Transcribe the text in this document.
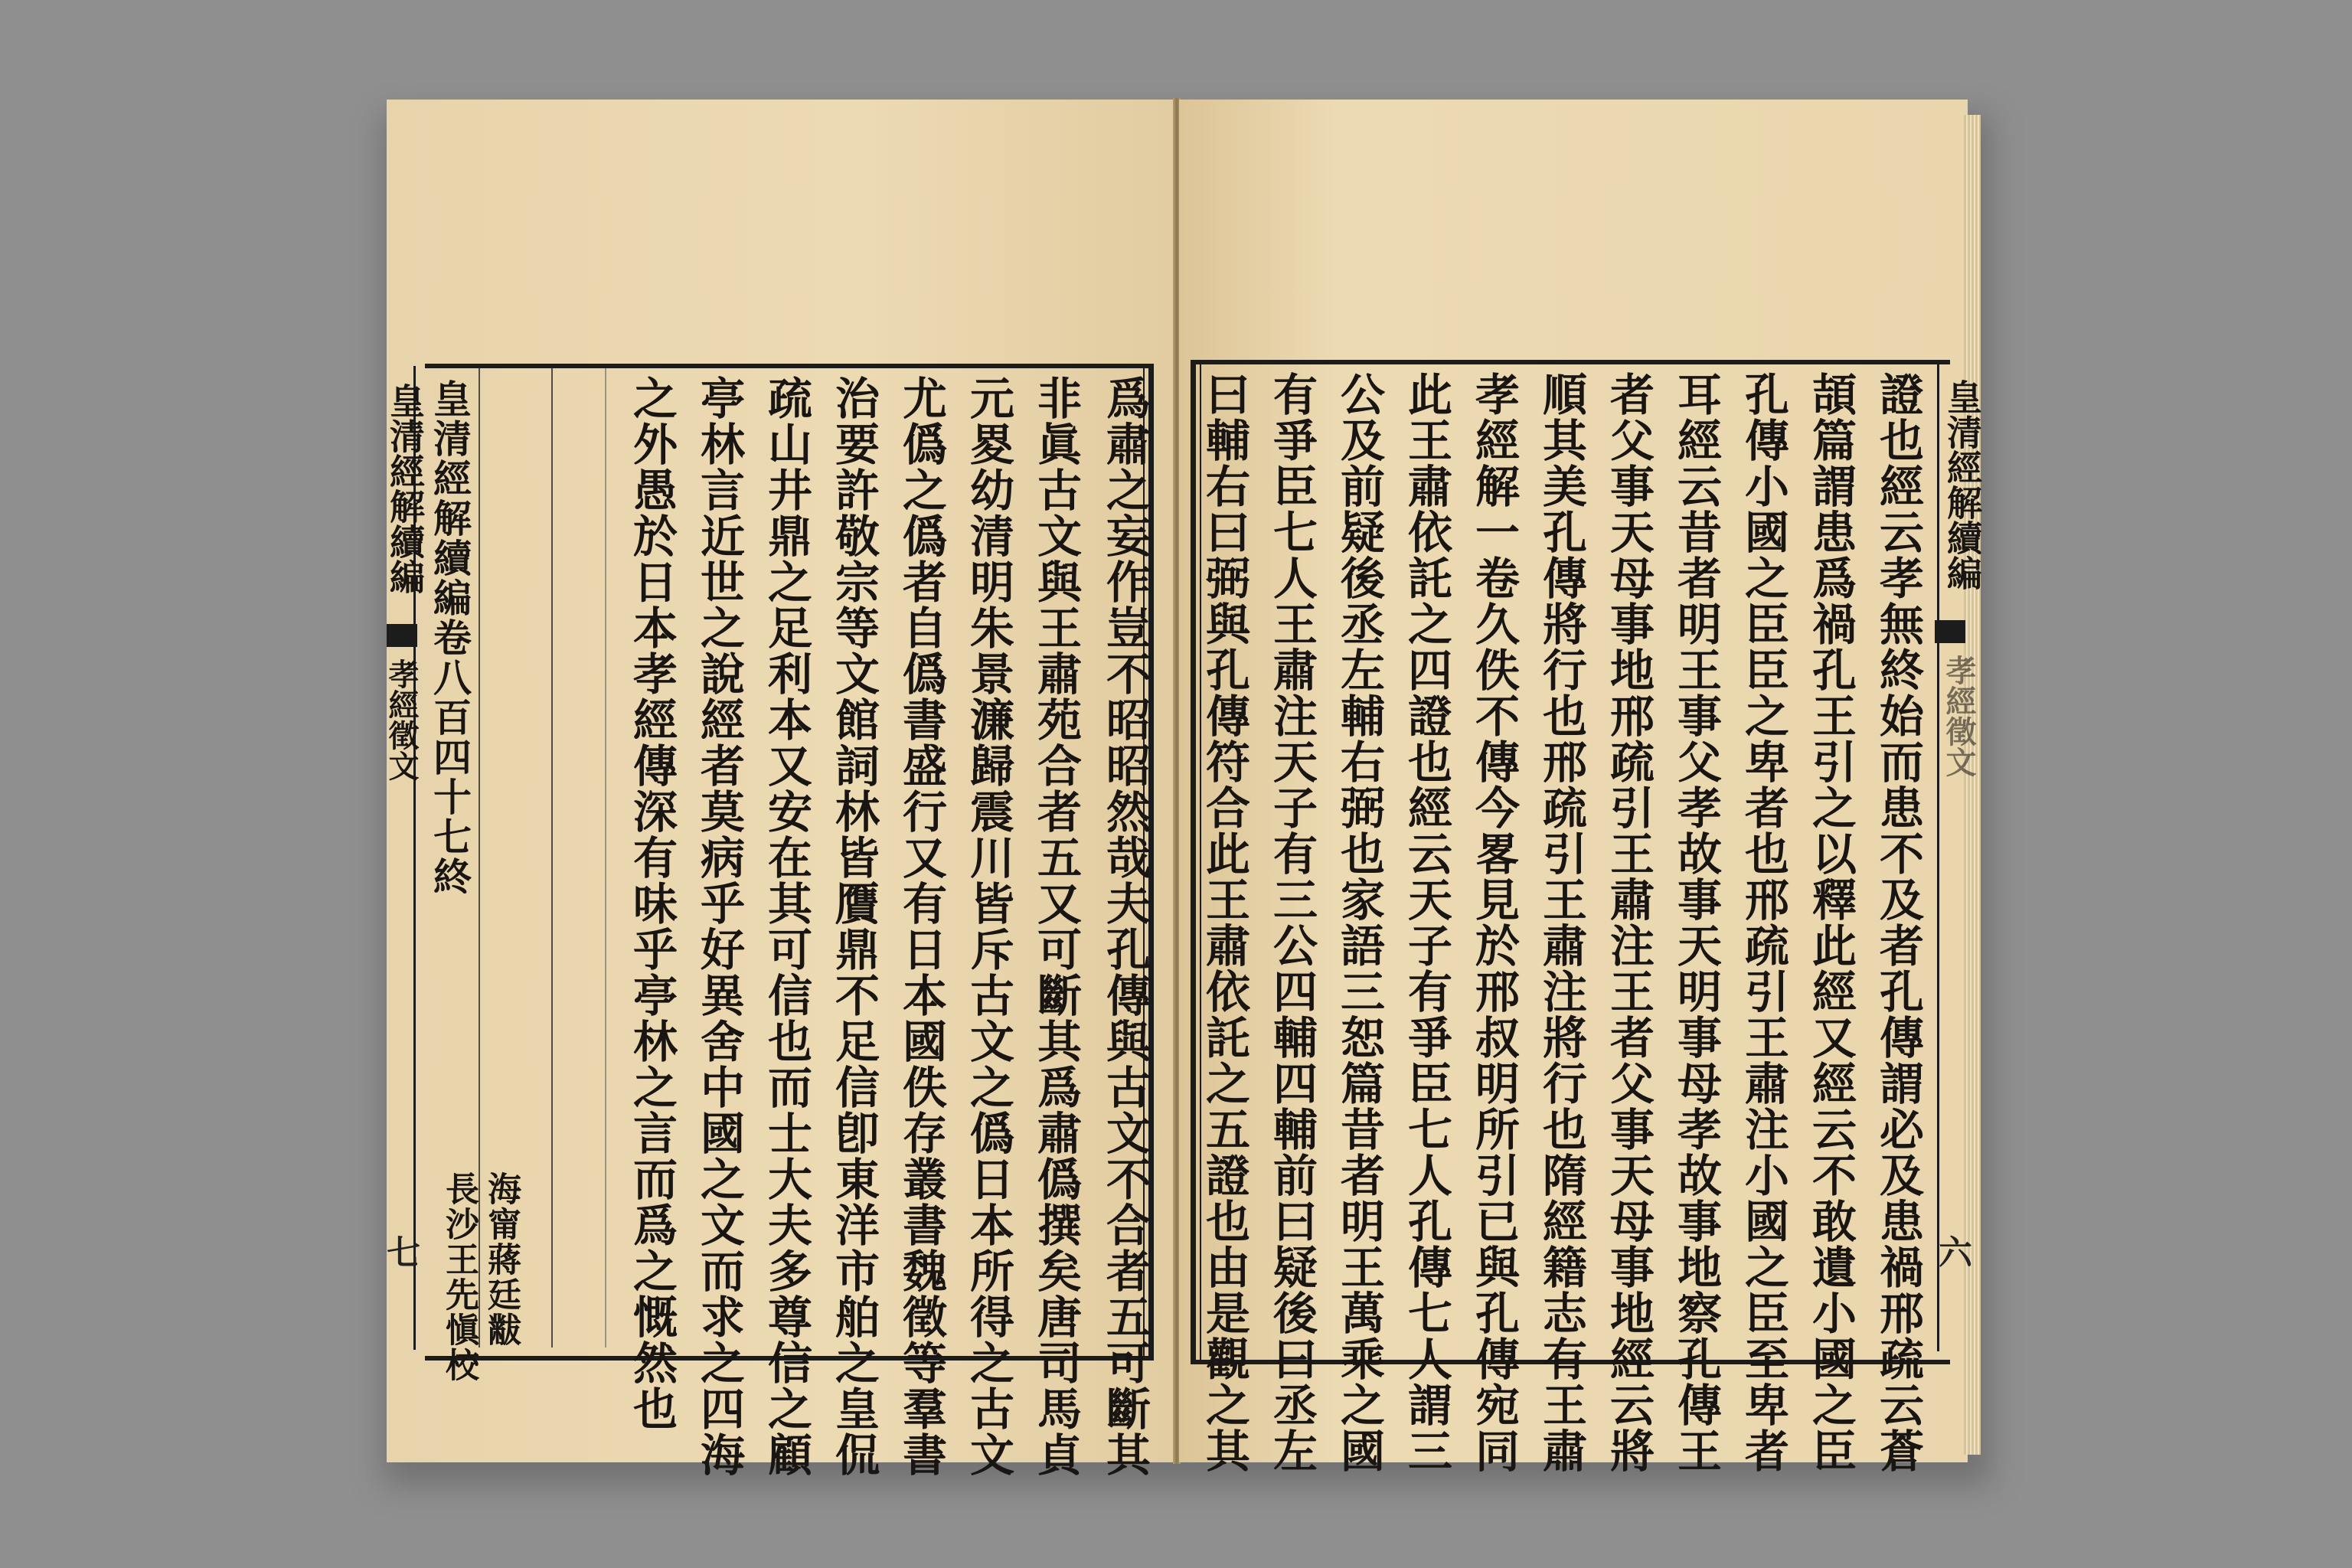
皇清經解續編
孝經徵文
七
皇清經解續編卷八百四十七終
海甯蔣廷黻
長沙王先愼校	爲肅之妄作豈不昭昭然哉夫孔傳與古文不合者五可斷其
非眞古文與王肅苑合者五又可斷其爲肅僞撰矣唐司馬貞
元畟幼清明朱景濂歸震川皆斥古文之僞日本所得之古文
尤僞之僞者自僞書盛行又有日本國佚存叢書魏徵等羣書
治要許敬宗等文館詞林皆贋鼎不足信卽東洋市舶之皇侃
疏山井鼎之足利本又安在其可信也而士大夫多尊信之顧
亭林言近世之說經者莫病乎好異舍中國之文而求之四海
之外愚於日本孝經傳深有味乎亭林之言而爲之慨然也	證也經云孝無終始而患不及者孔傳謂必及患禍邢疏云蒼
頡篇謂患爲禍孔王引之以釋此經又經云不敢遺小國之臣
孔傳小國之臣臣之卑者也邢疏引王肅注小國之臣至卑者
耳經云昔者明王事父孝故事天明事母孝故事地察孔傳王
者父事天母事地邢疏引王肅注王者父事天母事地經云將
順其美孔傳將行也邢疏引王肅注將行也隋經籍志有王肅
孝經解一卷久佚不傳今畧見於邢叔明所引已與孔傳宛同
此王肅依託之四證也經云天子有爭臣七人孔傳七人謂三
公及前疑後丞左輔右弼也家語三恕篇昔者明王萬乘之國
有爭臣七人王肅注天子有三公四輔四輔前曰疑後曰丞左
曰輔右曰弼與孔傳符合此王肅依託之五證也由是觀之其	皇清經解續編
孝經徵文
六
